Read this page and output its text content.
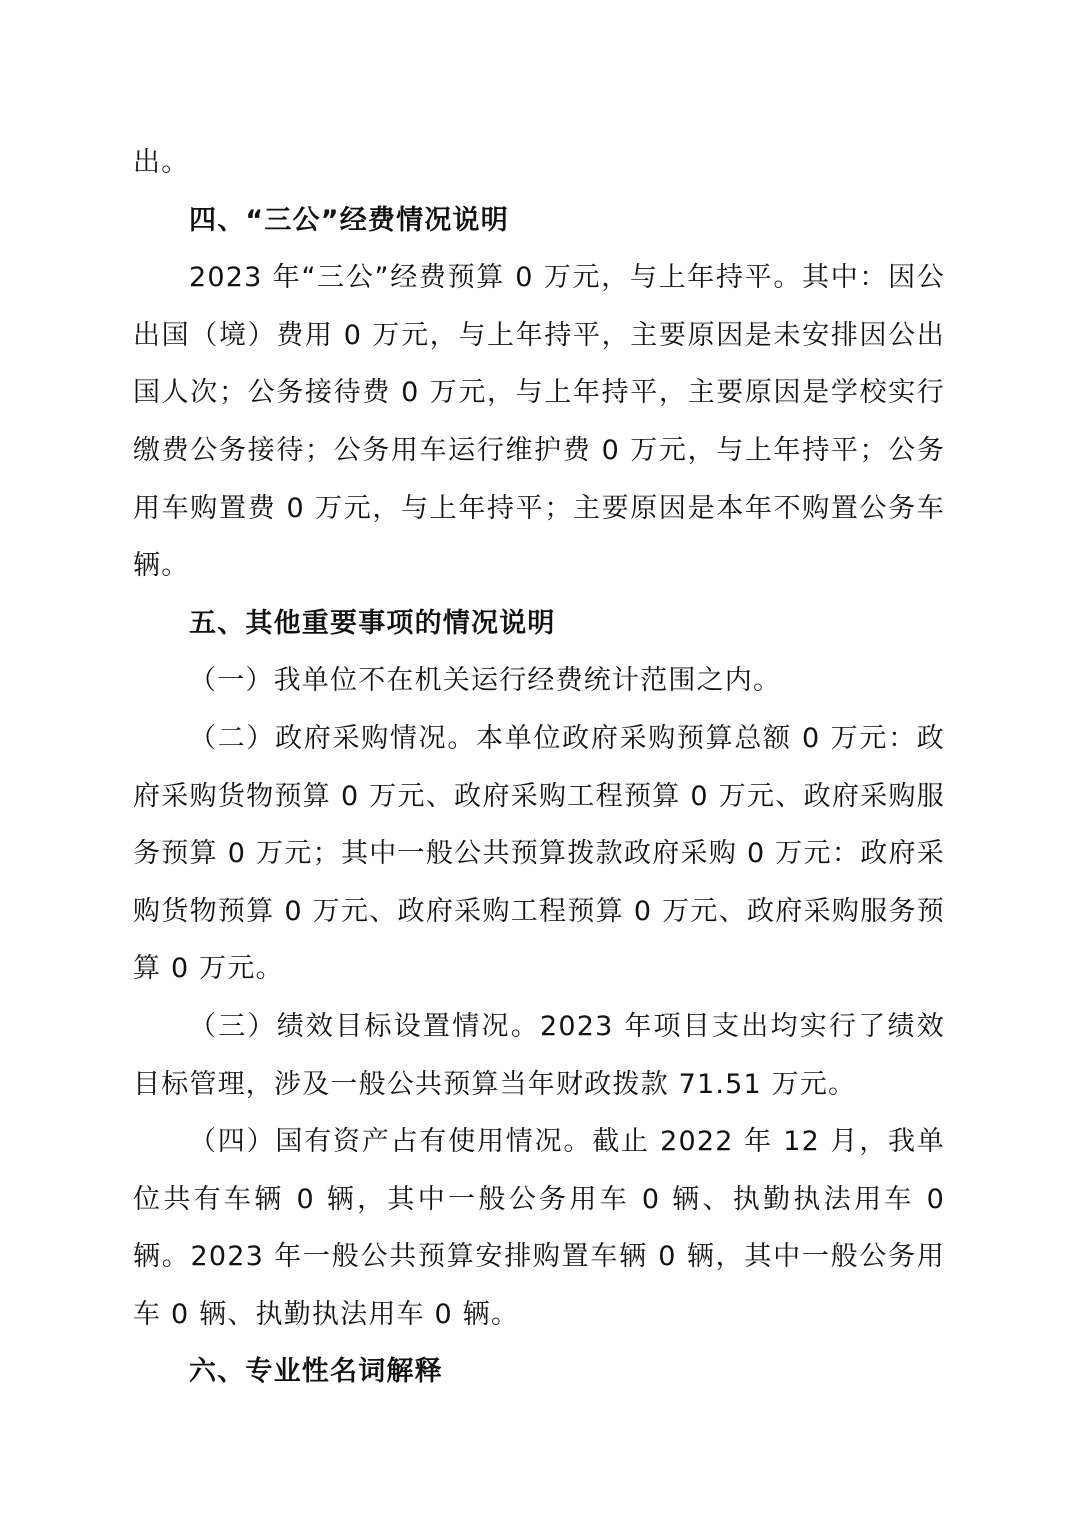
出。

四、“三公”经费情况说明

2023 年“三公”经费预算 0 万元，与上年持平。其中：因公出国（境）费用 0 万元，与上年持平，主要原因是未安排因公出国人次；公务接待费 0 万元，与上年持平，主要原因是学校实行缴费公务接待；公务用车运行维护费 0 万元，与上年持平；公务用车购置费 0 万元，与上年持平；主要原因是本年不购置公务车辆。

五、其他重要事项的情况说明

（一）我单位不在机关运行经费统计范围之内。

（二）政府采购情况。本单位政府采购预算总额 0 万元：政府采购货物预算 0 万元、政府采购工程预算 0 万元、政府采购服务预算 0 万元；其中一般公共预算拨款政府采购 0 万元：政府采购货物预算 0 万元、政府采购工程预算 0 万元、政府采购服务预算 0 万元。

（三）绩效目标设置情况。2023 年项目支出均实行了绩效目标管理，涉及一般公共预算当年财政拨款 71.51 万元。

（四）国有资产占有使用情况。截止 2022 年 12 月，我单位共有车辆 0 辆，其中一般公务用车 0 辆、执勤执法用车 0 辆。2023 年一般公共预算安排购置车辆 0 辆，其中一般公务用车 0 辆、执勤执法用车 0 辆。

六、专业性名词解释
